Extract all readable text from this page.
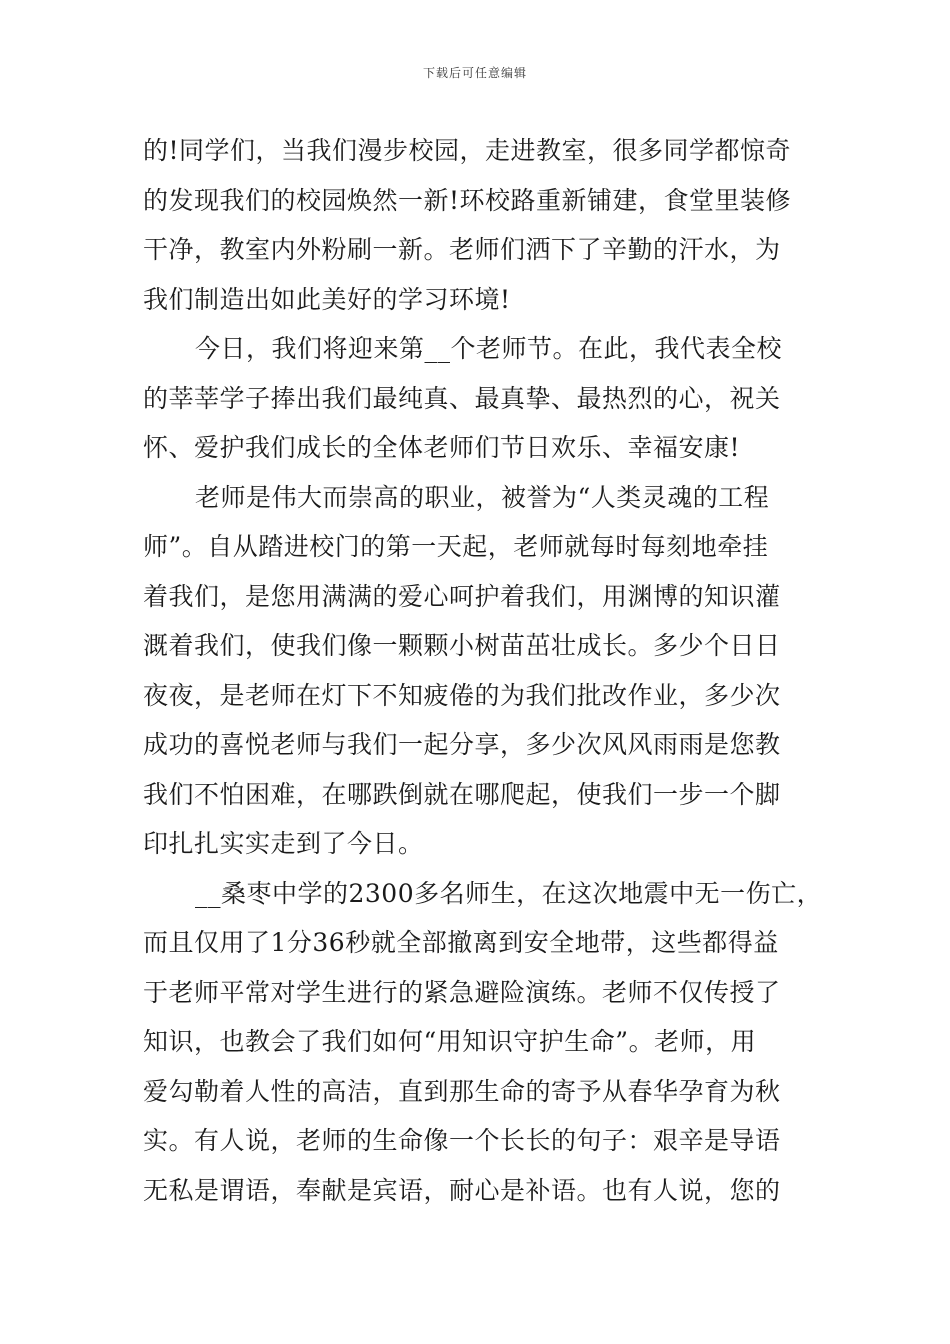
下载后可任意编辑
的!同学们，当我们漫步校园，走进教室，很多同学都惊奇
的发现我们的校园焕然一新!环校路重新铺建，食堂里装修
干净，教室内外粉刷一新。老师们洒下了辛勤的汗水，为
我们制造出如此美好的学习环境!
今日，我们将迎来第__个老师节。在此，我代表全校
的莘莘学子捧出我们最纯真、最真挚、最热烈的心，祝关
怀、爱护我们成长的全体老师们节日欢乐、幸福安康!
老师是伟大而崇高的职业，被誉为“人类灵魂的工程
师”。自从踏进校门的第一天起，老师就每时每刻地牵挂
着我们，是您用满满的爱心呵护着我们，用渊博的知识灌
溉着我们，使我们像一颗颗小树苗茁壮成长。多少个日日
夜夜，是老师在灯下不知疲倦的为我们批改作业，多少次
成功的喜悦老师与我们一起分享，多少次风风雨雨是您教
我们不怕困难，在哪跌倒就在哪爬起，使我们一步一个脚
印扎扎实实走到了今日。
__桑枣中学的2300多名师生，在这次地震中无一伤亡，
而且仅用了1分36秒就全部撤离到安全地带，这些都得益
于老师平常对学生进行的紧急避险演练。老师不仅传授了
知识，也教会了我们如何“用知识守护生命”。老师，用
爱勾勒着人性的高洁，直到那生命的寄予从春华孕育为秋
实。有人说，老师的生命像一个长长的句子：艰辛是导语
无私是谓语，奉献是宾语，耐心是补语。也有人说，您的
